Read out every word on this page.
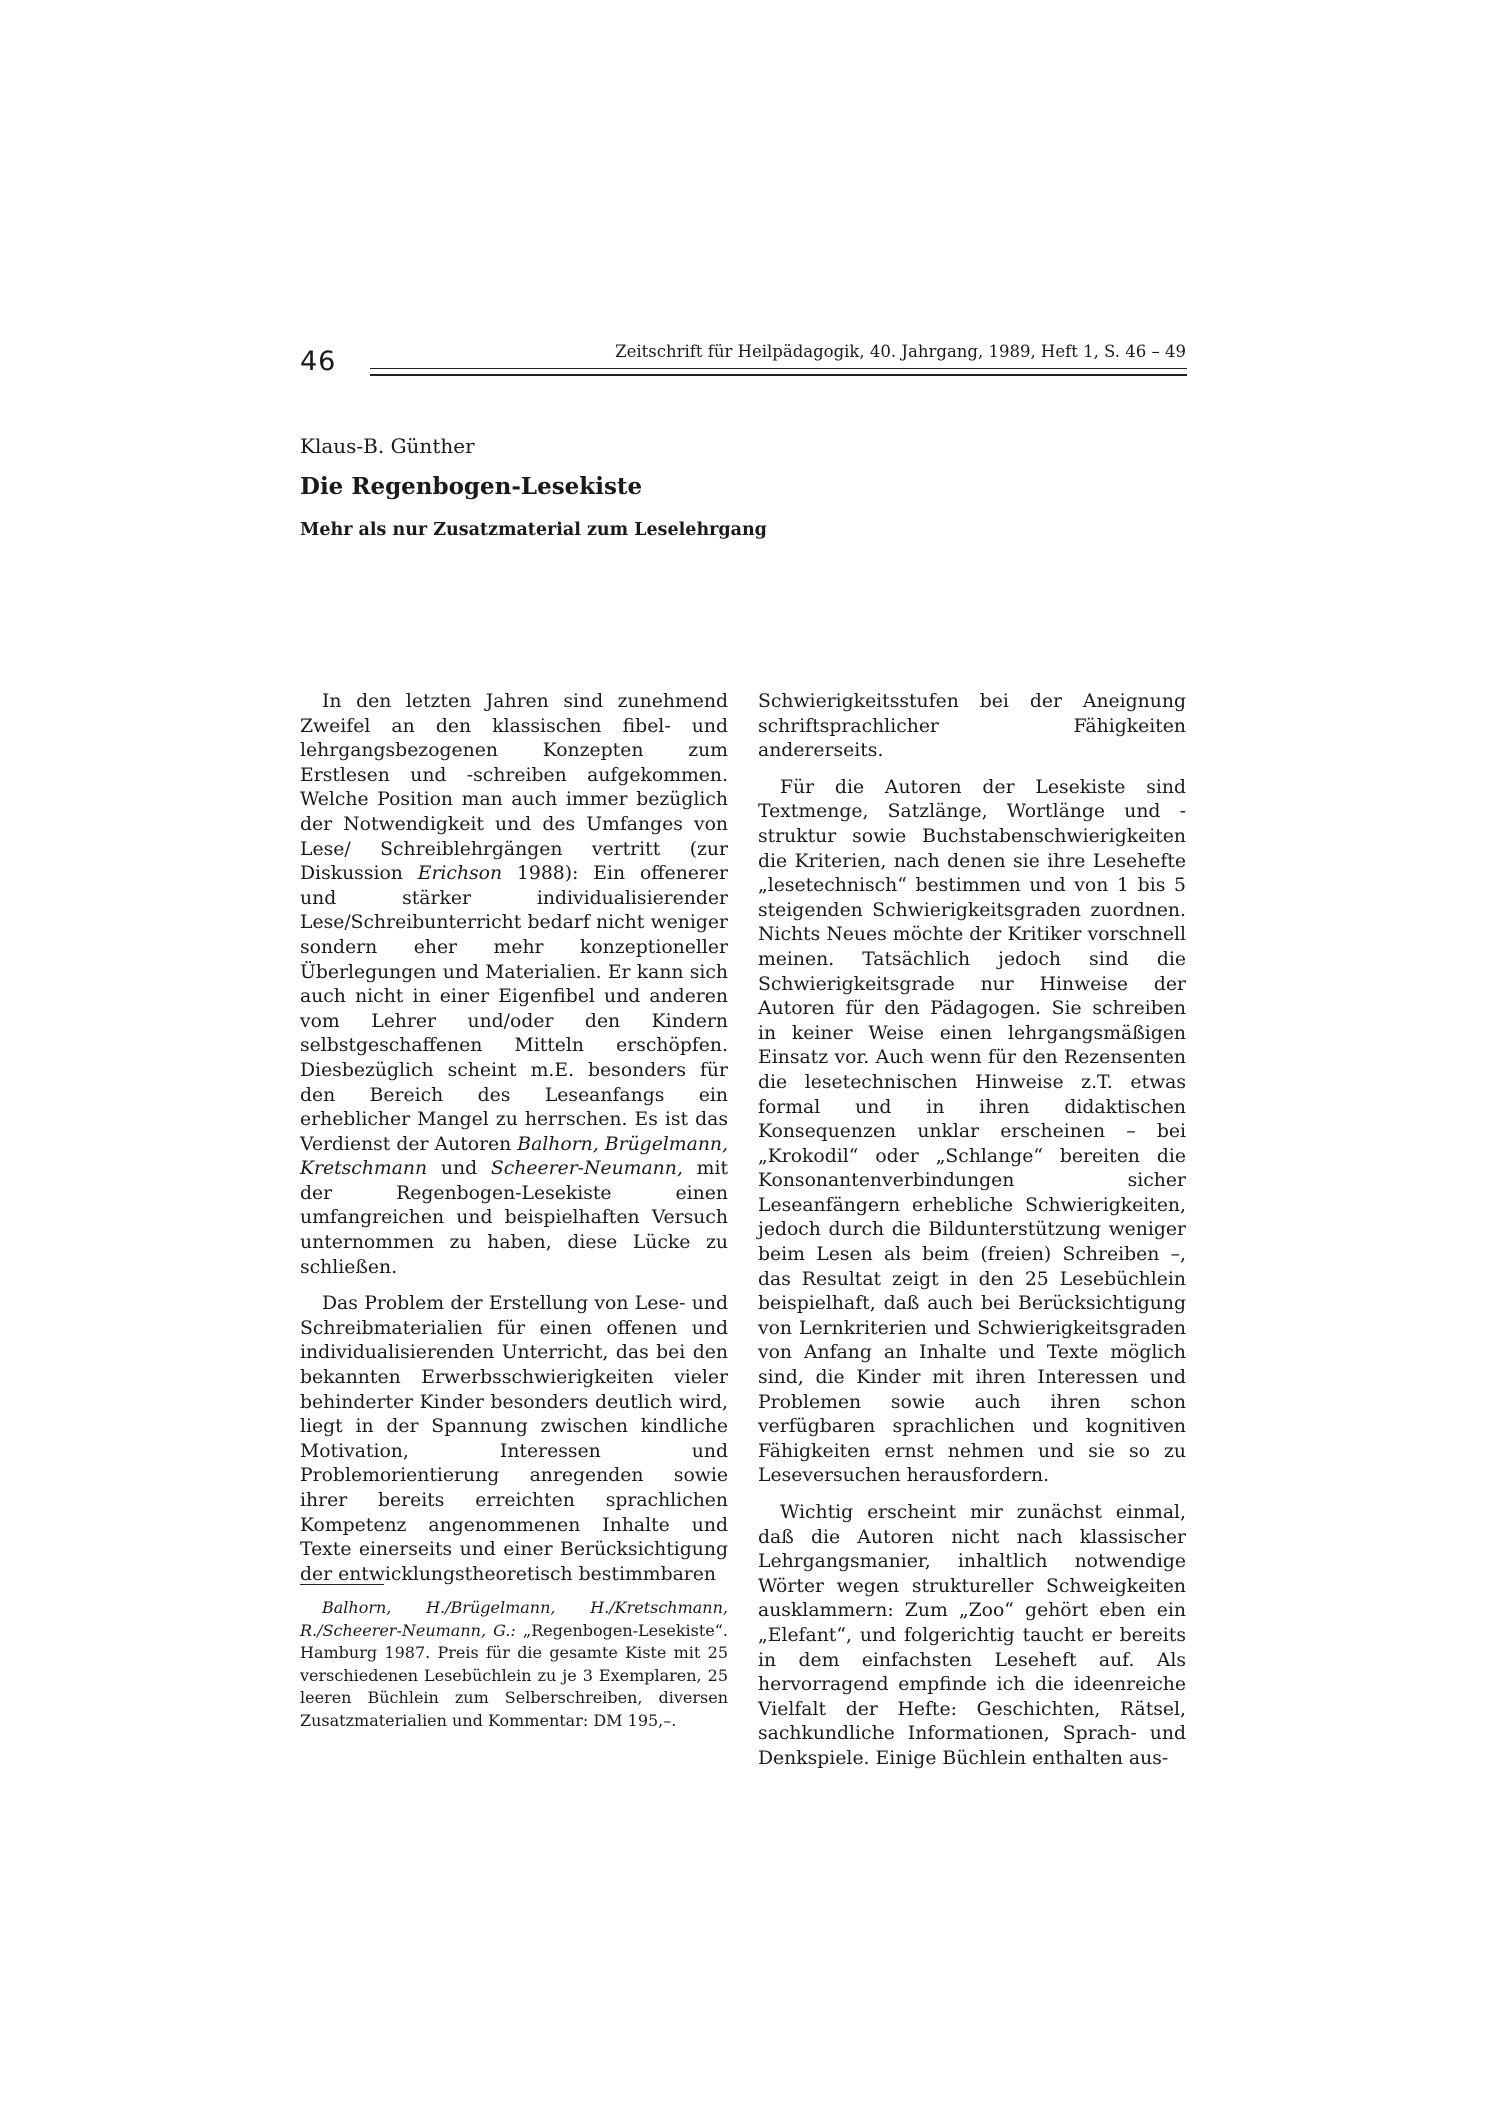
46	Zeitschrift für Heilpädagogik, 40. Jahrgang, 1989, Heft 1, S. 46 – 49
Klaus-B. Günther
Die Regenbogen-Lesekiste
Mehr als nur Zusatzmaterial zum Leselehrgang

In den letzten Jahren sind zunehmend Zweifel an den klassischen fibel- und lehrgangsbezogenen Konzepten zum Erstlesen und -schreiben aufgekommen. Welche Position man auch immer bezüglich der Notwendigkeit und des Umfanges von Lese/ Schreiblehrgängen vertritt (zur Diskussion Erichson 1988): Ein offenerer und stärker individualisierender Lese/Schreibunterricht bedarf nicht weniger sondern eher mehr konzeptioneller Überlegungen und Materialien. Er kann sich auch nicht in einer Eigenfibel und anderen vom Lehrer und/oder den Kindern selbstgeschaffenen Mitteln erschöpfen. Diesbezüglich scheint m.E. besonders für den Bereich des Leseanfangs ein erheblicher Mangel zu herrschen. Es ist das Verdienst der Autoren Balhorn, Brügelmann, Kretschmann und Scheerer-Neumann, mit der Regenbogen-Lesekiste einen umfangreichen und beispielhaften Versuch unternommen zu haben, diese Lücke zu schließen.

Das Problem der Erstellung von Lese- und Schreibmaterialien für einen offenen und individualisierenden Unterricht, das bei den bekannten Erwerbsschwierigkeiten vieler behinderter Kinder besonders deutlich wird, liegt in der Spannung zwischen kindliche Motivation, Interessen und Problemorientierung anregenden sowie ihrer bereits erreichten sprachlichen Kompetenz angenommenen Inhalte und Texte einerseits und einer Berücksichtigung der entwicklungstheoretisch bestimmbaren

Schwierigkeitsstufen bei der Aneignung schriftsprachlicher Fähigkeiten andererseits.

Für die Autoren der Lesekiste sind Textmenge, Satzlänge, Wortlänge und -struktur sowie Buchstabenschwierigkeiten die Kriterien, nach denen sie ihre Lesehefte „lesetechnisch“ bestimmen und von 1 bis 5 steigenden Schwierigkeitsgraden zuordnen. Nichts Neues möchte der Kritiker vorschnell meinen. Tatsächlich jedoch sind die Schwierigkeitsgrade nur Hinweise der Autoren für den Pädagogen. Sie schreiben in keiner Weise einen lehrgangsmäßigen Einsatz vor. Auch wenn für den Rezensenten die lesetechnischen Hinweise z.T. etwas formal und in ihren didaktischen Konsequenzen unklar erscheinen – bei „Krokodil“ oder „Schlange“ bereiten die Konsonantenverbindungen sicher Leseanfängern erhebliche Schwierigkeiten, jedoch durch die Bildunterstützung weniger beim Lesen als beim (freien) Schreiben –, das Resultat zeigt in den 25 Lesebüchlein beispielhaft, daß auch bei Berücksichtigung von Lernkriterien und Schwierigkeitsgraden von Anfang an Inhalte und Texte möglich sind, die Kinder mit ihren Interessen und Problemen sowie auch ihren schon verfügbaren sprachlichen und kognitiven Fähigkeiten ernst nehmen und sie so zu Leseversuchen herausfordern.

Wichtig erscheint mir zunächst einmal, daß die Autoren nicht nach klassischer Lehrgangsmanier, inhaltlich notwendige Wörter wegen struktureller Schweigkeiten ausklammern: Zum „Zoo“ gehört eben ein „Elefant“, und folgerichtig taucht er bereits in dem einfachsten Leseheft auf. Als hervorragend empfinde ich die ideenreiche Vielfalt der Hefte: Geschichten, Rätsel, sachkundliche Informationen, Sprach- und Denkspiele. Einige Büchlein enthalten aus-

Balhorn, H./Brügelmann, H./Kretschmann, R./Scheerer-Neumann, G.: „Regenbogen-Lesekiste“. Hamburg 1987. Preis für die gesamte Kiste mit 25 verschiedenen Lesebüchlein zu je 3 Exemplaren, 25 leeren Büchlein zum Selberschreiben, diversen Zusatzmaterialien und Kommentar: DM 195,–.
